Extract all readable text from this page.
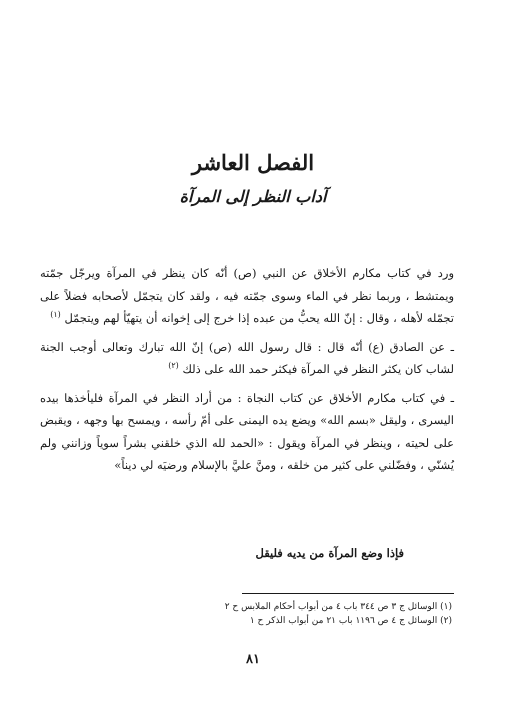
الفصل العاشر
آداب النظر إلى المرآة

ورد في كتاب مكارم الأخلاق عن النبي (ص) أنّه كان ينظر في المرآة ويرجّل جمّته ويمتشط ، وربما نظر في الماء وسوى جمّته فيه ، ولقد كان يتجمّل لأصحابه فضلاً على تجمّله لأهله ، وقال : إنّ الله يحبُّ من عبده إذا خرج إلى إخوانه أن يتهيّأ لهم ويتجمّل $^{(١)}$

ـ عن الصادق (ع) أنّه قال : قال رسول الله (ص) إنّ الله تبارك وتعالى أوجب الجنة لشاب كان يكثر النظر في المرآة فيكثر حمد الله على ذلك $^{(٢)}$

ـ في كتاب مكارم الأخلاق عن كتاب النجاة : من أراد النظر في المرآة فليأخذها بيده اليسرى ، وليقل «بسم الله» ويضع يده اليمنى على أمّ رأسه ، ويمسح بها وجهه ، ويقبض على لحيته ، وينظر في المرآة ويقول : «الحمد لله الذي خلقني بشراً سوياً وزانني ولم يُشنّي ، وفضّلني على كثير من خلقه ، ومنَّ عليَّ بالإسلام ورضيَه لي ديناً»

فإذا وضع المرآة من يديه فليقل
(١) الوسائل ج ٣ ص ٣٤٤ باب ٤ من أبواب أحكام الملابس ح ٢
(٢) الوسائل ج ٤ ص ١١٩٦ باب ٢١ من أبواب الذكر ح ١
٨١
